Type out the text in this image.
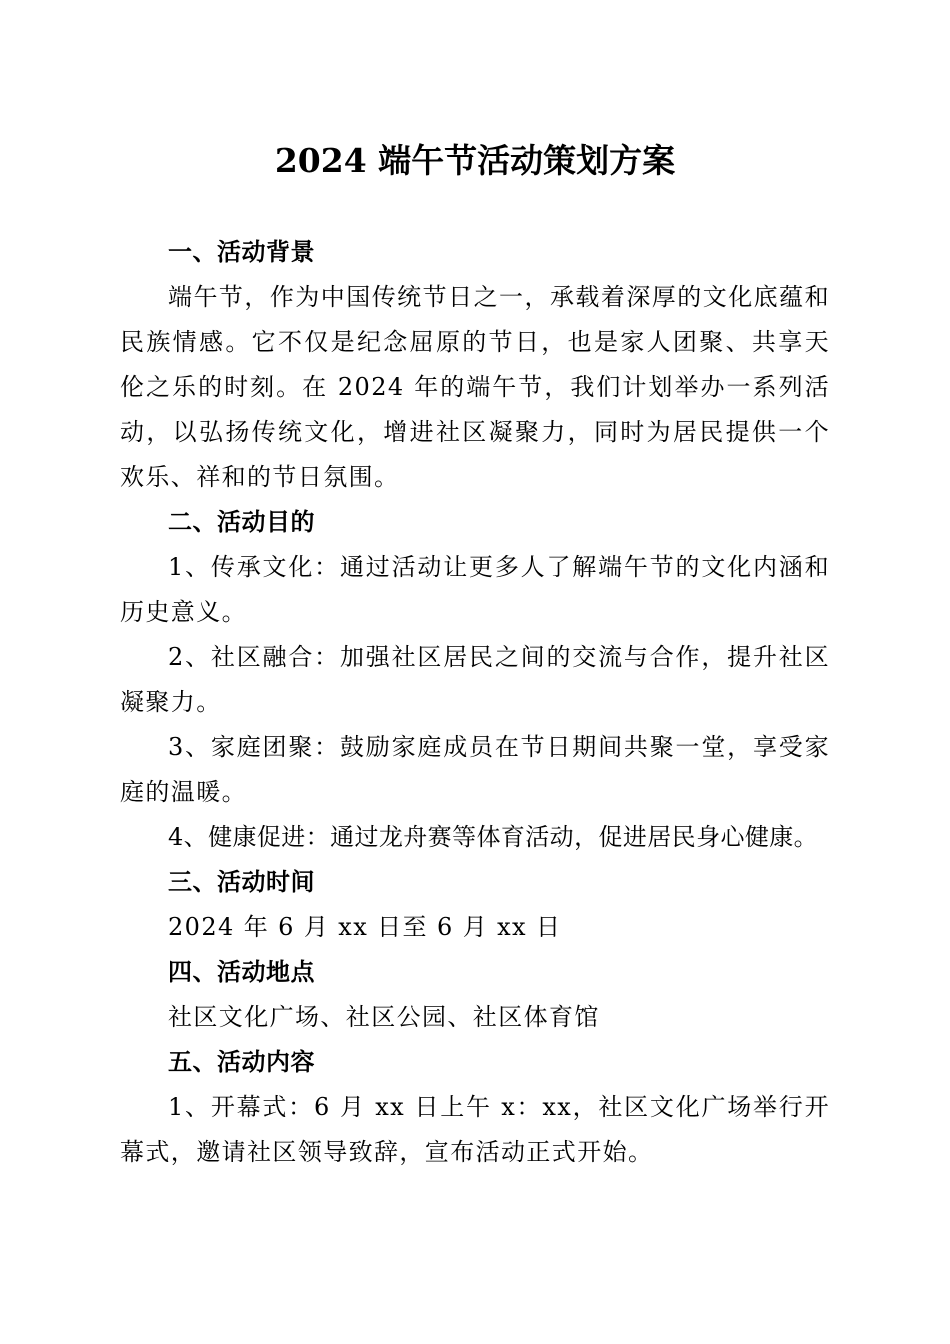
2024 端午节活动策划方案

一、活动背景

端午节，作为中国传统节日之一，承载着深厚的文化底蕴和民族情感。它不仅是纪念屈原的节日，也是家人团聚、共享天伦之乐的时刻。在 2024 年的端午节，我们计划举办一系列活动，以弘扬传统文化，增进社区凝聚力，同时为居民提供一个欢乐、祥和的节日氛围。

二、活动目的

1、传承文化：通过活动让更多人了解端午节的文化内涵和历史意义。

2、社区融合：加强社区居民之间的交流与合作，提升社区凝聚力。

3、家庭团聚：鼓励家庭成员在节日期间共聚一堂，享受家庭的温暖。

4、健康促进：通过龙舟赛等体育活动，促进居民身心健康。

三、活动时间

2024 年 6 月 xx 日至 6 月 xx 日

四、活动地点

社区文化广场、社区公园、社区体育馆

五、活动内容

1、开幕式：6 月 xx 日上午 x：xx，社区文化广场举行开幕式，邀请社区领导致辞，宣布活动正式开始。
